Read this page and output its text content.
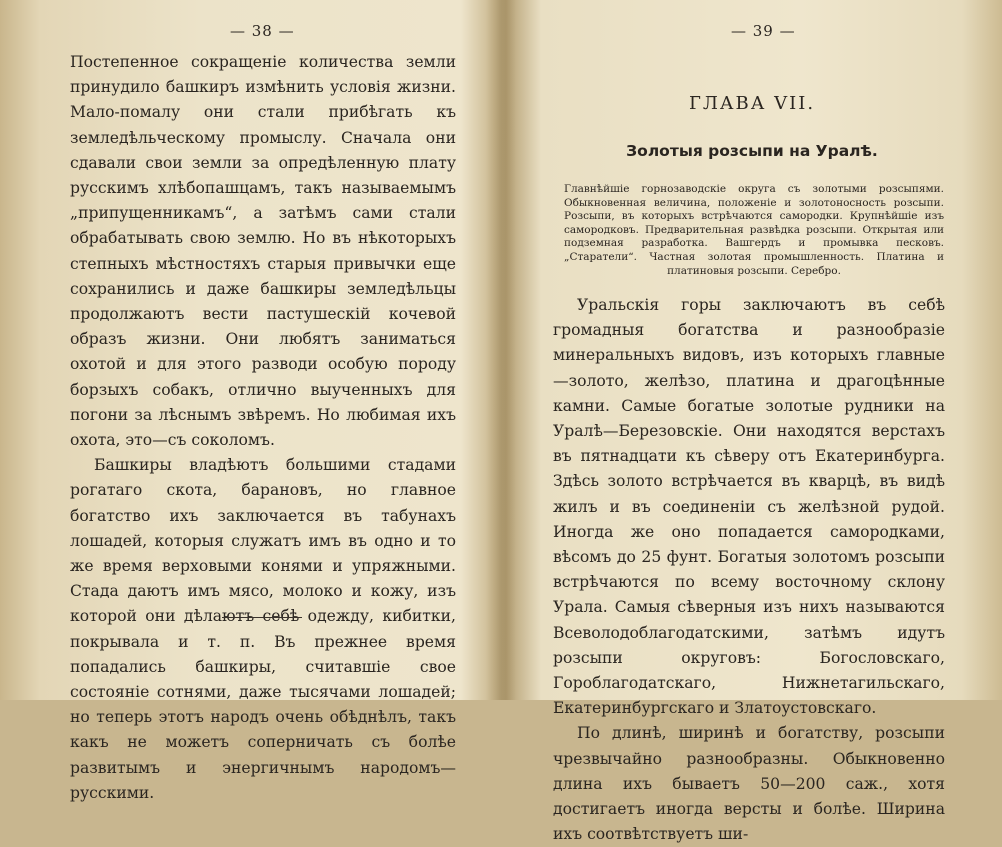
— 38 —

Постепенное сокращеніе количества земли принудило башкиръ измѣнить условія жизни. Мало-помалу они стали прибѣгать къ земледѣльческому промыслу. Сначала они сдавали свои земли за опредѣленную плату русскимъ хлѣбопашцамъ, такъ называемымъ „припущенникамъ“, а затѣмъ сами стали обрабатывать свою землю. Но въ нѣкоторыхъ степныхъ мѣстностяхъ старыя привычки еще сохранились и даже башкиры земледѣльцы продолжаютъ вести пастушескій кочевой образъ жизни. Они любятъ заниматься охотой и для этого разводи особую породу борзыхъ собакъ, отлично выученныхъ для погони за лѣснымъ звѣремъ. Но любимая ихъ охота, это—съ соколомъ.

Башкиры владѣютъ большими стадами рогатаго скота, барановъ, но главное богатство ихъ заключается въ табунахъ лошадей, которыя служатъ имъ въ одно и то же время верховыми конями и упряжными. Стада даютъ имъ мясо, молоко и кожу, изъ которой они дѣлаютъ себѣ одежду, кибитки, покрывала и т. п. Въ прежнее время попадались башкиры, считавшіе свое состояніе сотнями, даже тысячами лошадей; но теперь этотъ народъ очень обѣднѣлъ, такъ какъ не можетъ соперничать съ болѣе развитымъ и энергичнымъ народомъ—русскими.

— 39 —
ГЛАВА VII.
Золотыя розсыпи на Уралѣ.
Главнѣйшіе горнозаводскіе округа съ золотыми розсыпями. Обыкновенная величина, положеніе и золотоносность розсыпи. Розсыпи, въ которыхъ встрѣчаются самородки. Крупнѣйшіе изъ самородковъ. Предварительная развѣдка розсыпи. Открытая или подземная разработка. Вашгердъ и промывка песковъ. „Старатели“. Частная золотая промышленность. Платина и платиновыя розсыпи. Серебро.

Уральскія горы заключаютъ въ себѣ громадныя богатства и разнообразіе минеральныхъ видовъ, изъ которыхъ главные—золото, желѣзо, платина и драгоцѣнные камни. Самые богатые золотые рудники на Уралѣ—Березовскіе. Они находятся верстахъ въ пятнадцати къ сѣверу отъ Екатеринбурга. Здѣсь золото встрѣчается въ кварцѣ, въ видѣ жилъ и въ соединеніи съ желѣзной рудой. Иногда же оно попадается самородками, вѣсомъ до 25 фунт. Богатыя золотомъ розсыпи встрѣчаются по всему восточному склону Урала. Самыя сѣверныя изъ нихъ называются Всеволодоблагодатскими, затѣмъ идутъ розсыпи округовъ: Богословскаго, Гороблагодатскаго, Нижнетагильскаго, Екатеринбургскаго и Златоустовскаго.

По длинѣ, ширинѣ и богатству, розсыпи чрезвычайно разнообразны. Обыкновенно длина ихъ бываетъ 50—200 саж., хотя достигаетъ иногда версты и болѣе. Ширина ихъ соотвѣтствуетъ ши-
